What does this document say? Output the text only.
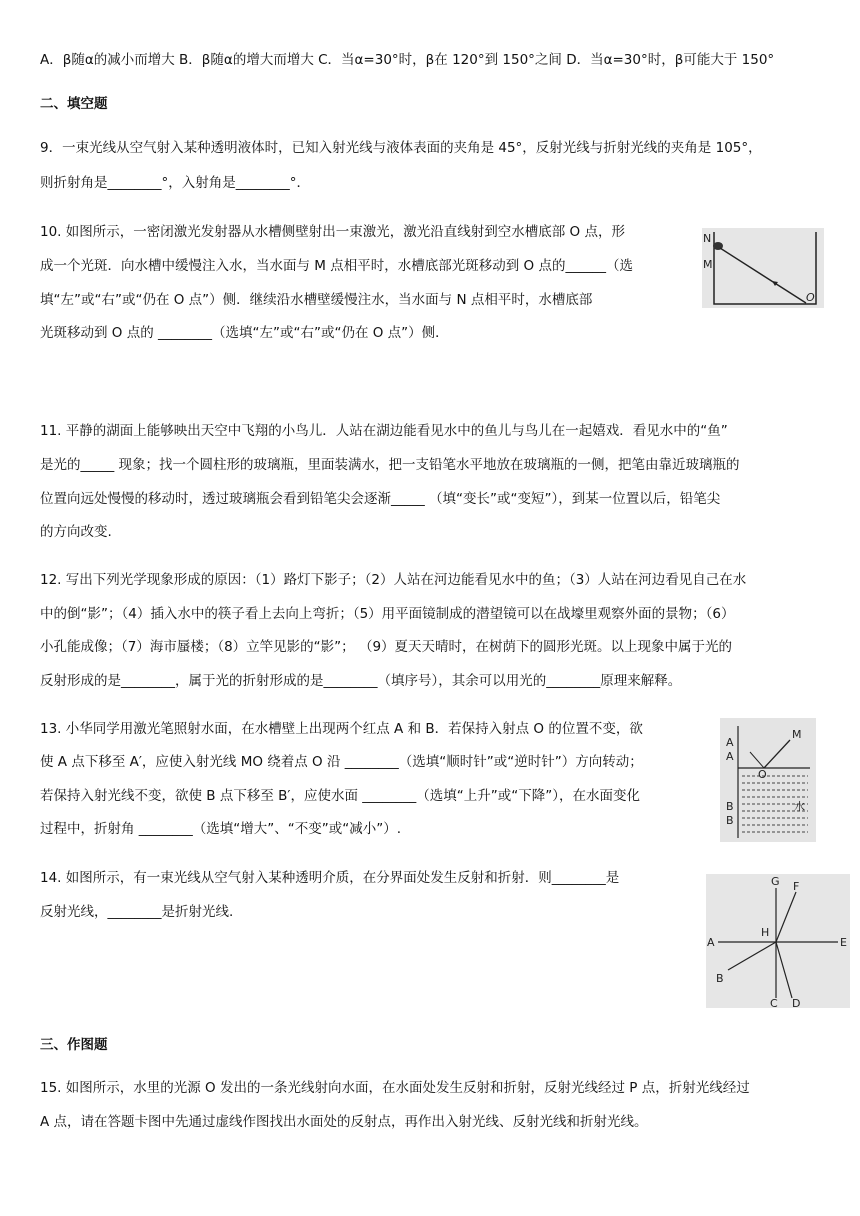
A．β随α的减小而增大 B．β随α的增大而增大 C．当α=30°时，β在 120°到 150°之间 D．当α=30°时，β可能大于 150°
二、填空题
9．一束光线从空气射入某种透明液体时，已知入射光线与液体表面的夹角是 45°，反射光线与折射光线的夹角是 105°，
则折射角是________°，入射角是________°．
10. 如图所示，一密闭激光发射器从水槽侧壁射出一束激光，激光沿直线射到空水槽底部 O 点，形
成一个光斑．向水槽中缓慢注入水，当水面与 M 点相平时，水槽底部光斑移动到 O 点的______（选
填“左”或“右”或“仍在 O 点”）侧．继续沿水槽壁缓慢注水，当水面与 N 点相平时，水槽底部
光斑移动到 O 点的 ________（选填“左”或“右”或“仍在 O 点”）侧．
N
M
O
11. 平静的湖面上能够映出天空中飞翔的小鸟儿．人站在湖边能看见水中的鱼儿与鸟儿在一起嬉戏．看见水中的“鱼”
是光的_____ 现象；找一个圆柱形的玻璃瓶，里面装满水，把一支铅笔水平地放在玻璃瓶的一侧，把笔由靠近玻璃瓶的
位置向远处慢慢的移动时，透过玻璃瓶会看到铅笔尖会逐渐_____ （填“变长”或“变短”），到某一位置以后，铅笔尖
的方向改变.
12. 写出下列光学现象形成的原因：（1）路灯下影子；（2）人站在河边能看见水中的鱼；（3）人站在河边看见自己在水
中的倒“影”；（4）插入水中的筷子看上去向上弯折；（5）用平面镜制成的潜望镜可以在战壕里观察外面的景物；（6）
小孔能成像；（7）海市蜃楼；（8）立竿见影的“影”； （9）夏天天晴时，在树荫下的圆形光斑。以上现象中属于光的
反射形成的是________，属于光的折射形成的是________（填序号），其余可以用光的________原理来解释。
13. 小华同学用激光笔照射水面，在水槽壁上出现两个红点 A 和 B．若保持入射点 O 的位置不变，欲
使 A 点下移至 A′，应使入射光线 MO 绕着点 O 沿 ________（选填“顺时针”或“逆时针”）方向转动；
若保持入射光线不变，欲使 B 点下移至 B′，应使水面 ________（选填“上升”或“下降”），在水面变化
过程中，折射角 ________（选填“增大”、“不变”或“减小”）.
M
O
A
A
B
B
水
14. 如图所示，有一束光线从空气射入某种透明介质，在分界面处发生反射和折射．则________是
反射光线，________是折射光线.
G F
H
A	E
B
C D
三、作图题
15. 如图所示，水里的光源 O 发出的一条光线射向水面，在水面处发生反射和折射，反射光线经过 P 点，折射光线经过
A 点，请在答题卡图中先通过虚线作图找出水面处的反射点，再作出入射光线、反射光线和折射光线。
